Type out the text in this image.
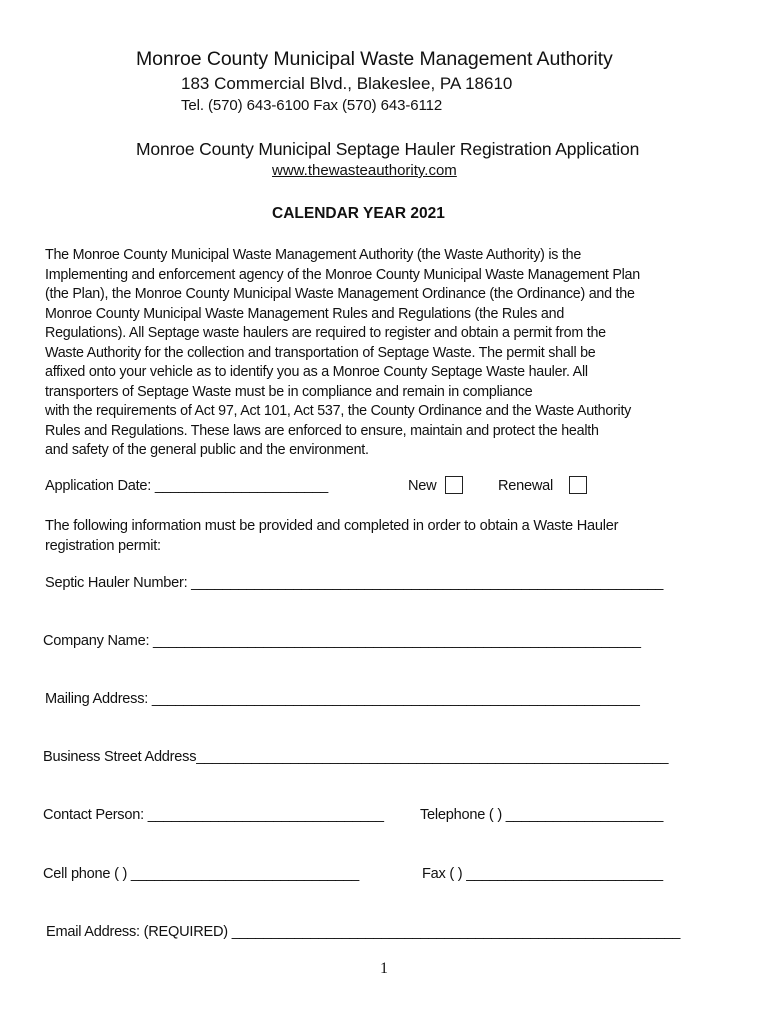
Monroe County Municipal Waste Management Authority
183 Commercial Blvd., Blakeslee, PA 18610
Tel. (570) 643-6100 Fax (570) 643-6112
Monroe County Municipal Septage Hauler Registration Application
www.thewasteauthority.com
CALENDAR YEAR 2021
The Monroe County Municipal Waste Management Authority (the Waste Authority) is the
Implementing and enforcement agency of the Monroe County Municipal Waste Management Plan
(the Plan), the Monroe County Municipal Waste Management Ordinance (the Ordinance) and the
Monroe County Municipal Waste Management Rules and Regulations (the Rules and
Regulations). All Septage waste haulers are required to register and obtain a permit from the
Waste Authority for the collection and transportation of Septage Waste. The permit shall be
affixed onto your vehicle as to identify you as a Monroe County Septage Waste hauler. All
transporters of Septage Waste must be in compliance and remain in compliance
with the requirements of Act 97, Act 101, Act 537, the County Ordinance and the Waste Authority
Rules and Regulations. These laws are enforced to ensure, maintain and protect the health
and safety of the general public and the environment.
Application Date: ______________________	New	Renewal
The following information must be provided and completed in order to obtain a Waste Hauler
registration permit:
Septic Hauler Number: ____________________________________________________________
Company Name: ______________________________________________________________
Mailing Address: ______________________________________________________________
Business Street Address____________________________________________________________
Contact Person: ______________________________ Telephone ( ) ____________________
Cell phone ( ) _____________________________	Fax ( ) _________________________
Email Address: (REQUIRED) _________________________________________________________
1
